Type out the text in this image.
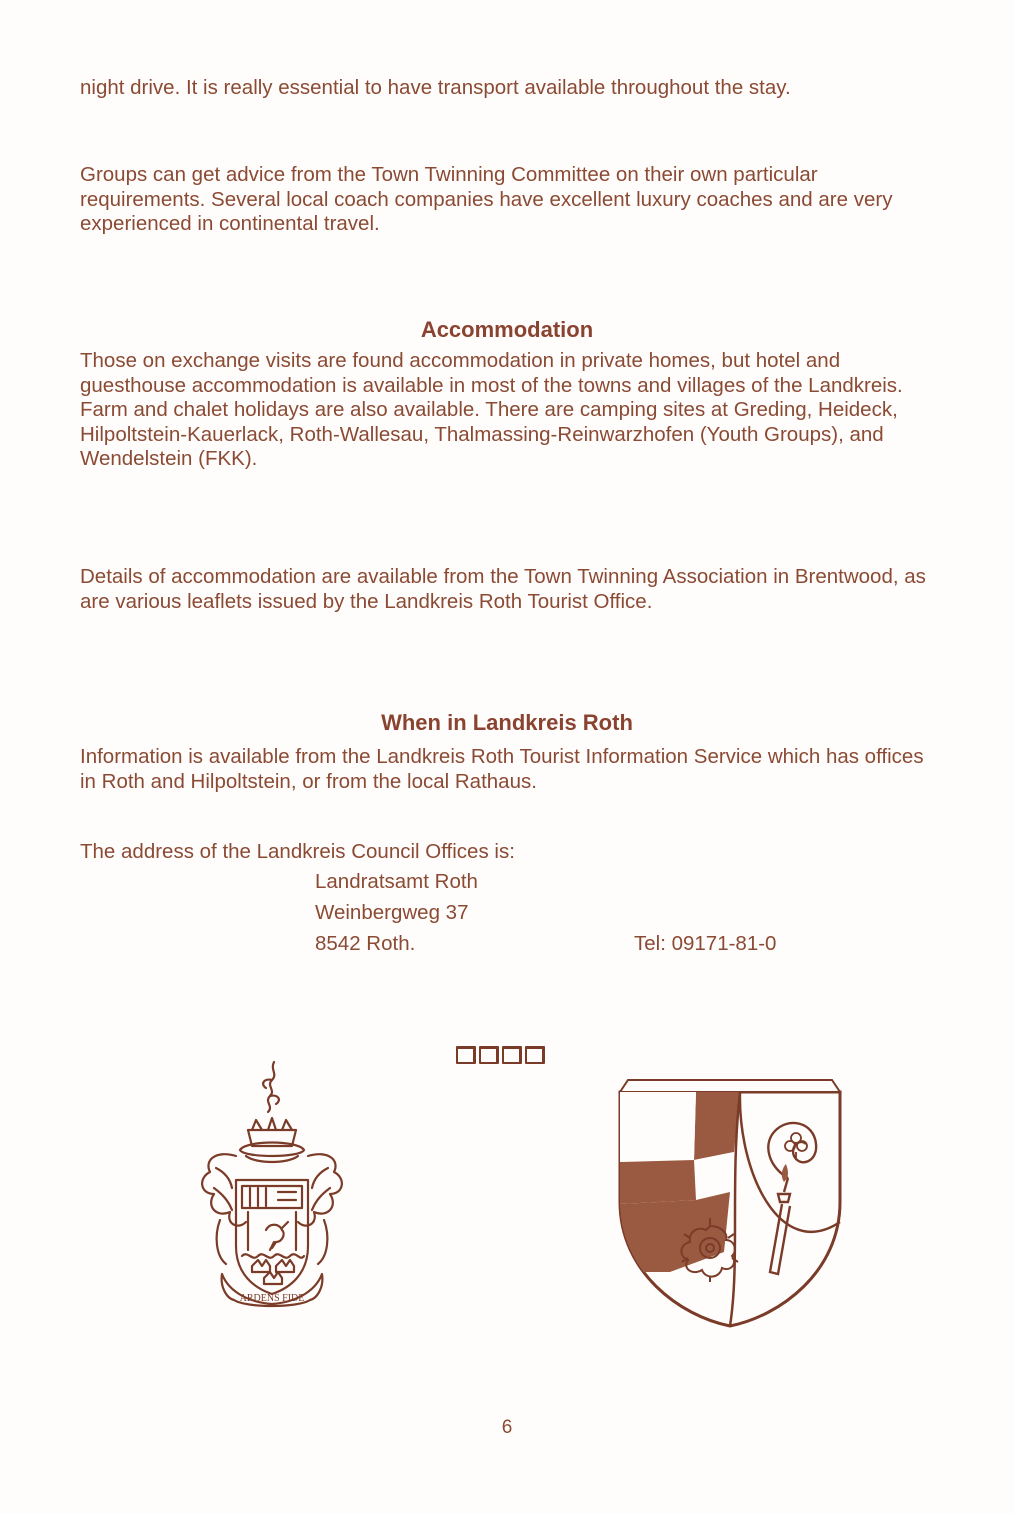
night drive. It is really essential to have transport available throughout the stay.

Groups can get advice from the Town Twinning Committee on their own particular requirements. Several local coach companies have excellent luxury coaches and are very experienced in continental travel.

Accommodation

Those on exchange visits are found accommodation in private homes, but hotel and guesthouse accommodation is available in most of the towns and villages of the Landkreis. Farm and chalet holidays are also available. There are camping sites at Greding, Heideck, Hilpoltstein-Kauerlack, Roth-Wallesau, Thalmassing-Reinwarzhofen (Youth Groups), and Wendelstein (FKK).

Details of accommodation are available from the Town Twinning Association in Brentwood, as are various leaflets issued by the Landkreis Roth Tourist Office.

When in Landkreis Roth

Information is available from the Landkreis Roth Tourist Information Service which has offices in Roth and Hilpoltstein, or from the local Rathaus.

The address of the Landkreis Council Offices is:

Landratsamt Roth
Weinbergweg 37
8542 Roth.	Tel: 09171-81-0
ARDENS FIDE
6
